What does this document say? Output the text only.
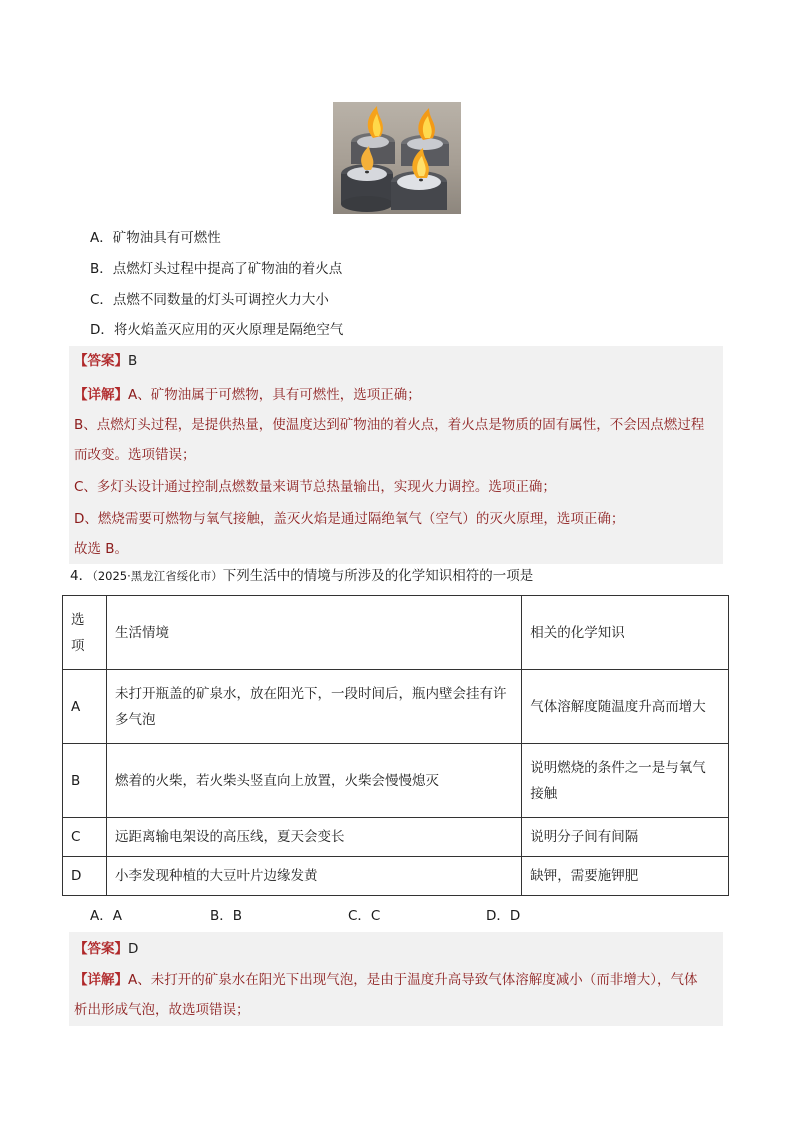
A．矿物油具有可燃性
B．点燃灯头过程中提高了矿物油的着火点
C．点燃不同数量的灯头可调控火力大小
D．将火焰盖灭应用的灭火原理是隔绝空气
【答案】B
【详解】A、矿物油属于可燃物，具有可燃性，选项正确；
B、点燃灯头过程，是提供热量，使温度达到矿物油的着火点，着火点是物质的固有属性，不会因点燃过程
而改变。选项错误；
C、多灯头设计通过控制点燃数量来调节总热量输出，实现火力调控。选项正确；
D、燃烧需要可燃物与氧气接触，盖灭火焰是通过隔绝氧气（空气）的灭火原理，选项正确；
故选 B。
4．（2025·黑龙江省绥化市）下列生活中的情境与所涉及的化学知识相符的一项是
选
项	生活情境	相关的化学知识
A	未打开瓶盖的矿泉水，放在阳光下，一段时间后，瓶内壁会挂有许
多气泡	气体溶解度随温度升高而增大
B	燃着的火柴，若火柴头竖直向上放置，火柴会慢慢熄灭	说明燃烧的条件之一是与氧气
接触

C	远距离输电架设的高压线，夏天会变长	说明分子间有间隔
D	小李发现种植的大豆叶片边缘发黄	缺钾，需要施钾肥
A．A	B．B	C．C	D．D
【答案】D
【详解】A、未打开的矿泉水在阳光下出现气泡，是由于温度升高导致气体溶解度减小（而非增大），气体
析出形成气泡，故选项错误；
